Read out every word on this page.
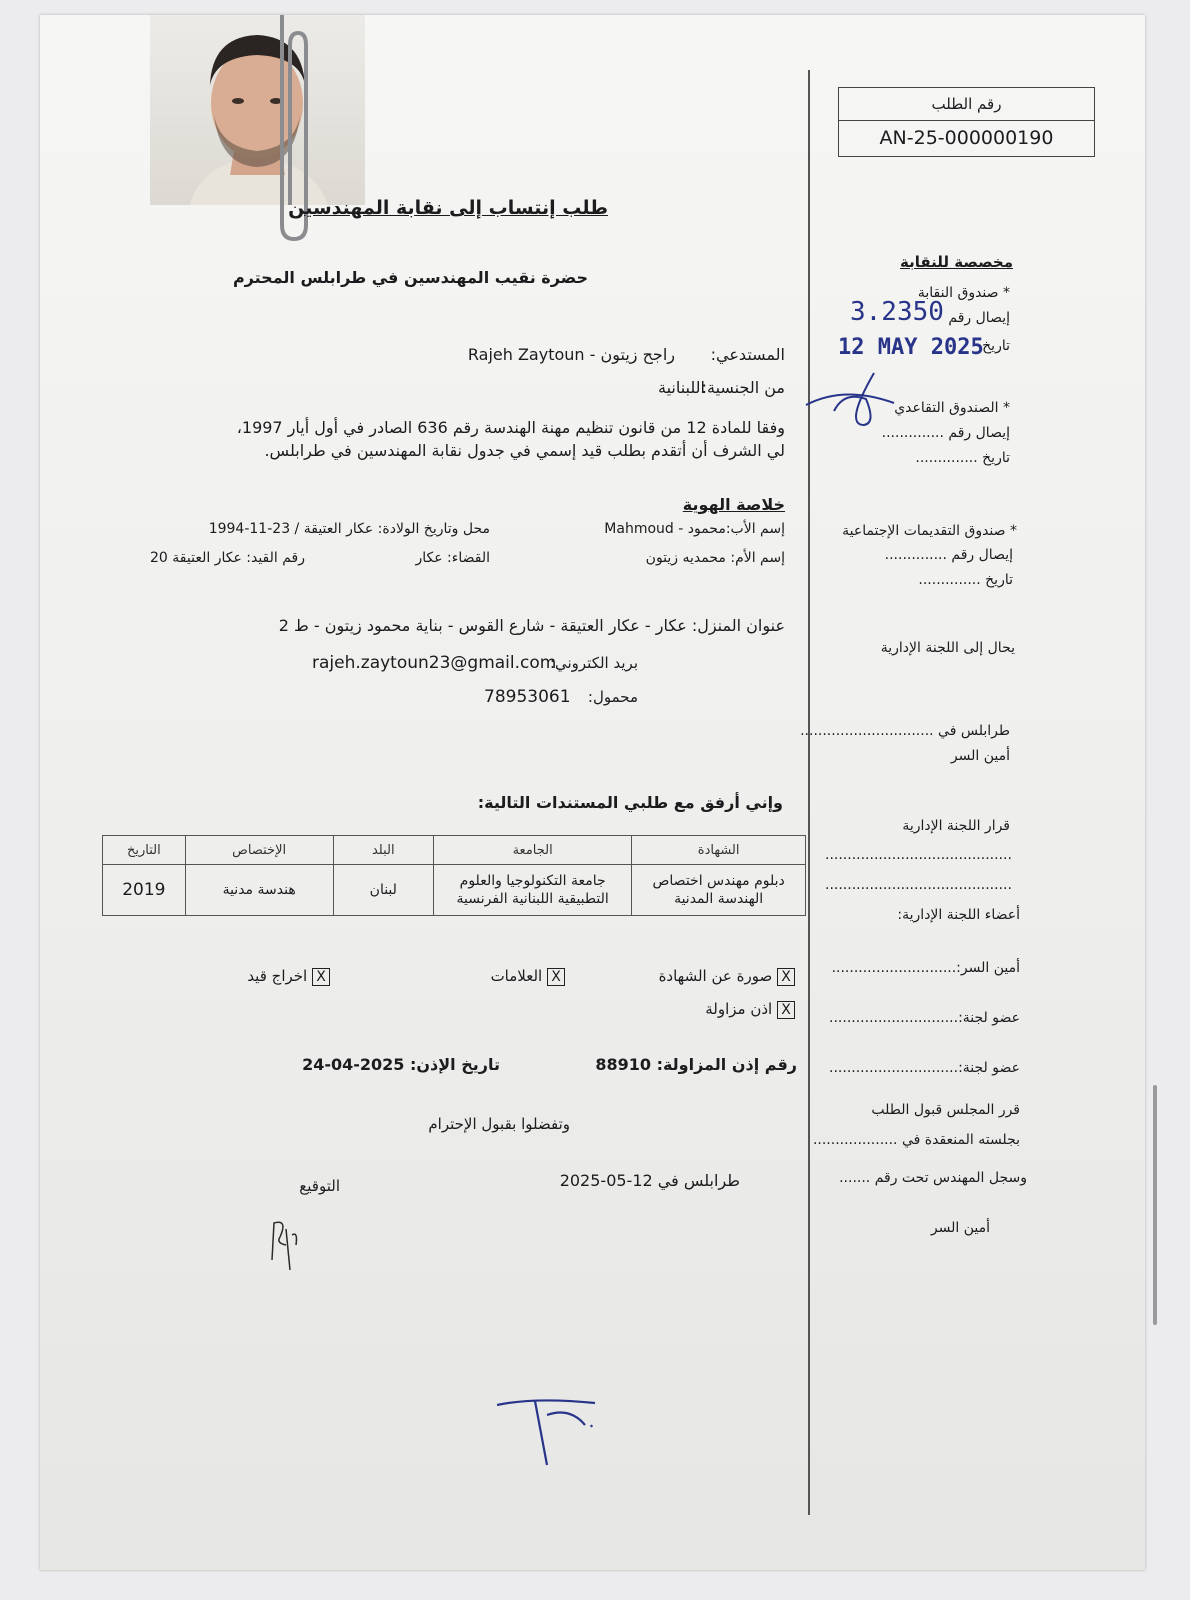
رقم الطلب
AN-25-000000190
طلب إنتساب إلى نقابة المهندسين
حضرة نقيب المهندسين في طرابلس المحترم
المستدعي:
راجح زيتون - Rajeh Zaytoun
من الجنسية:
اللبنانية
وفقا للمادة 12 من قانون تنظيم مهنة الهندسة رقم 636 الصادر في أول أيار 1997،
لي الشرف أن أتقدم بطلب قيد إسمي في جدول نقابة المهندسين في طرابلس.
خلاصة الهوية
إسم الأب:محمود - Mahmoud
محل وتاريخ الولادة: عكار العتيقة / 23-11-1994
إسم الأم: محمديه زيتون
القضاء: عكار
رقم القيد: عكار العتيقة 20
عنوان المنزل: عكار - عكار العتيقة - شارع القوس - بناية محمود زيتون - ط 2
بريد الكتروني:
rajeh.zaytoun23@gmail.com
محمول:
78953061
وإني أرفق مع طلبي المستندات التالية:
الشهادة	الجامعة	البلد	الإختصاص	التاريخ
دبلوم مهندس اختصاص
الهندسة المدنية	جامعة التكنولوجيا والعلوم
التطبيقية اللبنانية الفرنسية	لبنان	هندسة مدنية	2019
X صورة عن الشهادة
X العلامات
X اخراج قيد
X اذن مزاولة
رقم إذن المزاولة: 88910
تاريخ الإذن: 2025-04-24
وتفضلوا بقبول الإحترام
طرابلس في 12-05-2025
التوقيع
مخصصة للنقابة
* صندوق النقابة
إيصال رقم
3.2350
تاريخ
12 MAY 2025
* الصندوق التقاعدي
إيصال رقم ..............
تاريخ ..............
* صندوق التقديمات الإجتماعية
إيصال رقم ..............
تاريخ ..............
يحال إلى اللجنة الإدارية
طرابلس في ..............................
أمين السر
قرار اللجنة الإدارية
..........................................
..........................................
أعضاء اللجنة الإدارية:
أمين السر:............................
عضو لجنة:.............................
عضو لجنة:.............................
قرر المجلس قبول الطلب
بجلسته المنعقدة في ...................
وسجل المهندس تحت رقم .......
أمين السر
